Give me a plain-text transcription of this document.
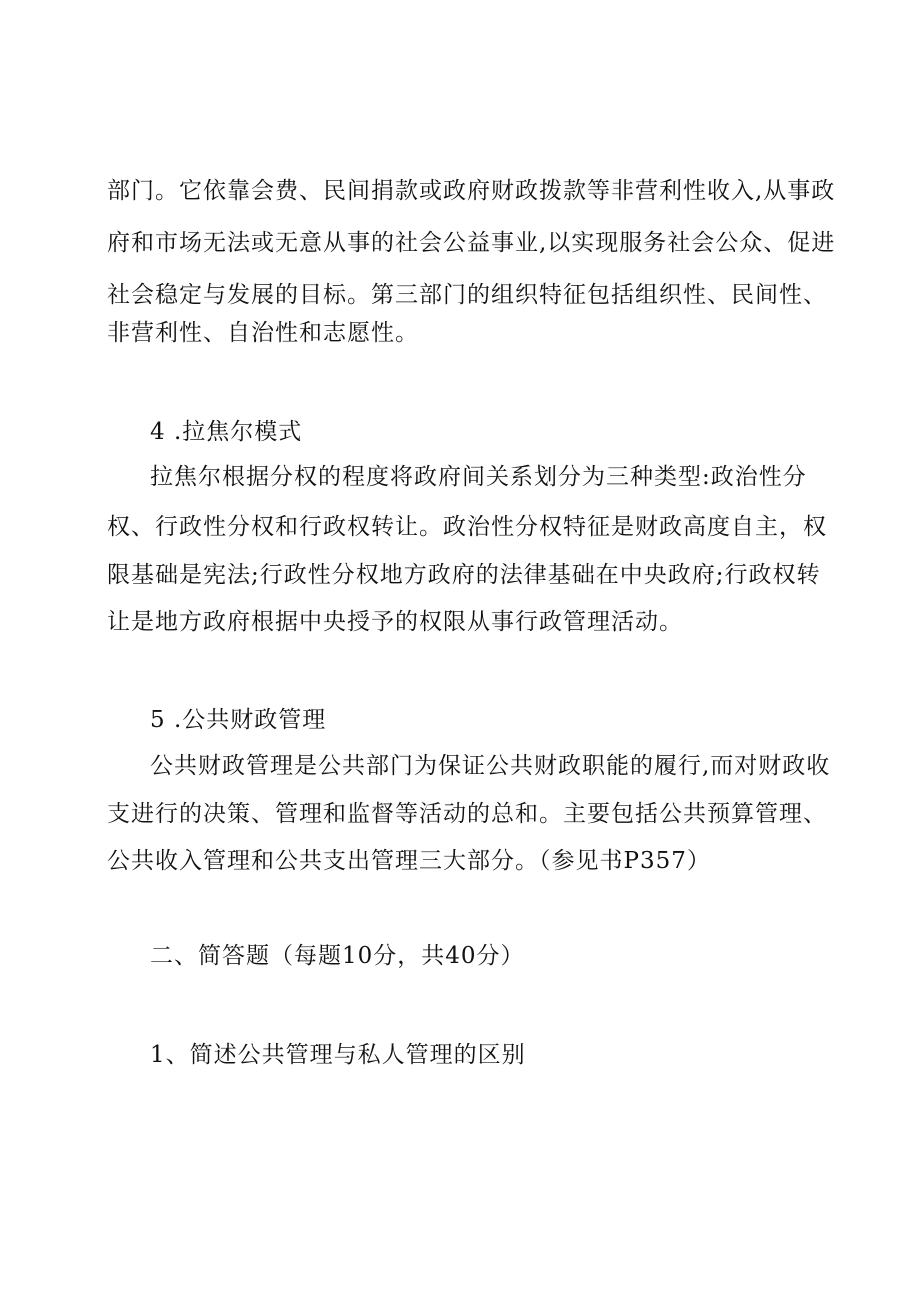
部门。它依靠会费、民间捐款或政府财政拨款等非营利性收入,从事政
府和市场无法或无意从事的社会公益事业,以实现服务社会公众、促进
社会稳定与发展的目标。第三部门的组织特征包括组织性、民间性、
非营利性、自治性和志愿性。
4 .拉焦尔模式
拉焦尔根据分权的程度将政府间关系划分为三种类型:政治性分
权、行政性分权和行政权转让。政治性分权特征是财政高度自主，权
限基础是宪法;行政性分权地方政府的法律基础在中央政府;行政权转
让是地方政府根据中央授予的权限从事行政管理活动。
5 .公共财政管理
公共财政管理是公共部门为保证公共财政职能的履行,而对财政收
支进行的决策、管理和监督等活动的总和。主要包括公共预算管理、
公共收入管理和公共支出管理三大部分。（参见书P357）
二、简答题（每题10分，共40分）
1、简述公共管理与私人管理的区别
